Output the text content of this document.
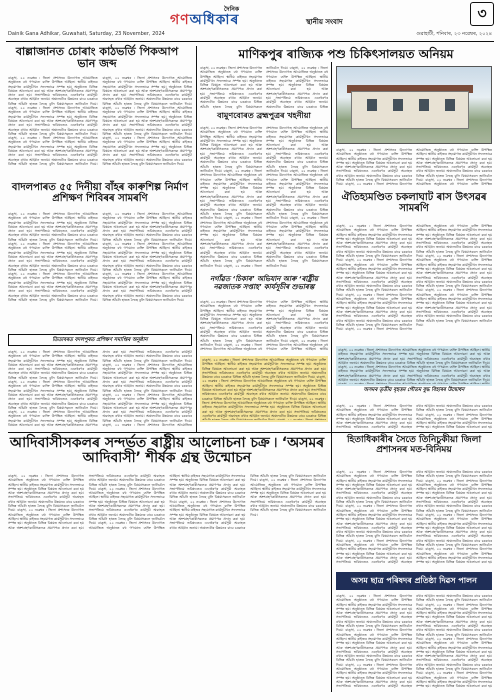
দৈনিক
গণঅধিকাৰ	স্থানীয় সংবাদ	৩
Dainik Gana Adhikar, Guwahati, Saturday, 23 November, 2024	গুৱাহাটী, শনিবাৰ, ২৩ নৱেম্বৰ, ২০২৪
বাল্লাজানত চোৰাং কাঠভৰ্তি পিকআপ ভান জব্দ
বাক্‌সা, ২২ নৱেম্বৰ ৷ জিলা প্ৰশাসনৰ উদ্যোগত আয়োজিত অনুষ্ঠানত বহু গণ্যমান্য ব্যক্তি উপস্থিত আছিল। স্থানীয় ৰাইজৰ সহযোগত কাৰ্যসূচীখন সফলভাৱে সম্পন্ন হয়। অনুষ্ঠানত বিভিন্ন বিষয়ত আলোচনা কৰা হয় আৰু অংশগ্ৰহণকাৰীসকলক প্ৰমাণপত্ৰ প্ৰদান কৰা হয়। সভাপতিয়ে ভবিষ্যতেও এনেধৰণৰ কাৰ্যসূচী অব্যাহত ৰখাৰ আহ্বান জনায়। অঞ্চলটোৰ উন্নয়নৰ বাবে চৰকাৰে বিভিন্ন আঁচনি হাতত লৈছে বুলি বিষয়াসকলে জানিবলৈ দিয়ে। বাক্‌সা, ২২ নৱেম্বৰ ৷ জিলা প্ৰশাসনৰ উদ্যোগত আয়োজিত অনুষ্ঠানত বহু গণ্যমান্য ব্যক্তি উপস্থিত আছিল। স্থানীয় ৰাইজৰ সহযোগত কাৰ্যসূচীখন সফলভাৱে সম্পন্ন হয়। অনুষ্ঠানত বিভিন্ন বিষয়ত আলোচনা কৰা হয় আৰু অংশগ্ৰহণকাৰীসকলক প্ৰমাণপত্ৰ প্ৰদান কৰা হয়। সভাপতিয়ে ভবিষ্যতেও এনেধৰণৰ কাৰ্যসূচী অব্যাহত ৰখাৰ আহ্বান জনায়। অঞ্চলটোৰ উন্নয়নৰ বাবে চৰকাৰে বিভিন্ন আঁচনি হাতত লৈছে বুলি বিষয়াসকলে জানিবলৈ দিয়ে। বাক্‌সা, ২২ নৱেম্বৰ ৷ জিলা প্ৰশাসনৰ উদ্যোগত আয়োজিত অনুষ্ঠানত বহু গণ্যমান্য ব্যক্তি উপস্থিত আছিল। স্থানীয় ৰাইজৰ সহযোগত কাৰ্যসূচীখন সফলভাৱে সম্পন্ন হয়। অনুষ্ঠানত বিভিন্ন বিষয়ত আলোচনা কৰা হয় আৰু অংশগ্ৰহণকাৰীসকলক প্ৰমাণপত্ৰ প্ৰদান কৰা হয়। সভাপতিয়ে ভবিষ্যতেও এনেধৰণৰ কাৰ্যসূচী অব্যাহত ৰখাৰ আহ্বান জনায়। অঞ্চলটোৰ উন্নয়নৰ বাবে চৰকাৰে বিভিন্ন আঁচনি হাতত লৈছে বুলি বিষয়াসকলে জানিবলৈ দিয়ে। বাক্‌সা, ২২ নৱেম্বৰ ৷ জিলা প্ৰশাসনৰ উদ্যোগত আয়োজিত অনুষ্ঠানত বহু গণ্যমান্য ব্যক্তি উপস্থিত আছিল। স্থানীয় ৰাইজৰ সহযোগত কাৰ্যসূচীখন সফলভাৱে সম্পন্ন হয়। অনুষ্ঠানত বিভিন্ন বিষয়ত আলোচনা কৰা হয় আৰু অংশগ্ৰহণকাৰীসকলক প্ৰমাণপত্ৰ প্ৰদান কৰা হয়। সভাপতিয়ে ভবিষ্যতেও এনেধৰণৰ কাৰ্যসূচী অব্যাহত ৰখাৰ আহ্বান জনায়। অঞ্চলটোৰ উন্নয়নৰ বাবে চৰকাৰে বিভিন্ন আঁচনি হাতত লৈছে বুলি বিষয়াসকলে জানিবলৈ দিয়ে। বাক্‌সা, ২২ নৱেম্বৰ ৷ জিলা প্ৰশাসনৰ উদ্যোগত আয়োজিত অনুষ্ঠানত বহু গণ্যমান্য ব্যক্তি উপস্থিত আছিল। স্থানীয় ৰাইজৰ সহযোগত কাৰ্যসূচীখন সফলভাৱে সম্পন্ন হয়। অনুষ্ঠানত বিভিন্ন বিষয়ত আলোচনা কৰা হয় আৰু অংশগ্ৰহণকাৰীসকলক প্ৰমাণপত্ৰ প্ৰদান কৰা হয়। সভাপতিয়ে ভবিষ্যতেও এনেধৰণৰ কাৰ্যসূচী অব্যাহত ৰখাৰ আহ্বান জনায়। অঞ্চলটোৰ উন্নয়নৰ বাবে চৰকাৰে বিভিন্ন আঁচনি হাতত লৈছে বুলি বিষয়াসকলে জানিবলৈ দিয়ে। বাক্‌সা, ২২ নৱেম্বৰ ৷ জিলা প্ৰশাসনৰ উদ্যোগত আয়োজিত অনুষ্ঠানত বহু গণ্যমান্য ব্যক্তি উপস্থিত আছিল। স্থানীয় ৰাইজৰ সহযোগত কাৰ্যসূচীখন সফলভাৱে সম্পন্ন হয়। অনুষ্ঠানত বিভিন্ন বিষয়ত আলোচনা কৰা হয় আৰু অংশগ্ৰহণকাৰীসকলক প্ৰমাণপত্ৰ প্ৰদান কৰা হয়। সভাপতিয়ে ভবিষ্যতেও এনেধৰণৰ কাৰ্যসূচী অব্যাহত ৰখাৰ আহ্বান জনায়। অঞ্চলটোৰ উন্নয়নৰ বাবে চৰকাৰে বিভিন্ন আঁচনি হাতত লৈছে বুলি বিষয়াসকলে জানিবলৈ দিয়ে।
বাদলপাৰত ৫৫ দিনীয়া বাঁহৰ কাৰুশিল্প নিৰ্মাণ প্ৰশিক্ষণ শিবিৰৰ সামৰণি
বাক্‌সা, ২২ নৱেম্বৰ ৷ জিলা প্ৰশাসনৰ উদ্যোগত আয়োজিত অনুষ্ঠানত বহু গণ্যমান্য ব্যক্তি উপস্থিত আছিল। স্থানীয় ৰাইজৰ সহযোগত কাৰ্যসূচীখন সফলভাৱে সম্পন্ন হয়। অনুষ্ঠানত বিভিন্ন বিষয়ত আলোচনা কৰা হয় আৰু অংশগ্ৰহণকাৰীসকলক প্ৰমাণপত্ৰ প্ৰদান কৰা হয়। সভাপতিয়ে ভবিষ্যতেও এনেধৰণৰ কাৰ্যসূচী অব্যাহত ৰখাৰ আহ্বান জনায়। অঞ্চলটোৰ উন্নয়নৰ বাবে চৰকাৰে বিভিন্ন আঁচনি হাতত লৈছে বুলি বিষয়াসকলে জানিবলৈ দিয়ে। বাক্‌সা, ২২ নৱেম্বৰ ৷ জিলা প্ৰশাসনৰ উদ্যোগত আয়োজিত অনুষ্ঠানত বহু গণ্যমান্য ব্যক্তি উপস্থিত আছিল। স্থানীয় ৰাইজৰ সহযোগত কাৰ্যসূচীখন সফলভাৱে সম্পন্ন হয়। অনুষ্ঠানত বিভিন্ন বিষয়ত আলোচনা কৰা হয় আৰু অংশগ্ৰহণকাৰীসকলক প্ৰমাণপত্ৰ প্ৰদান কৰা হয়। সভাপতিয়ে ভবিষ্যতেও এনেধৰণৰ কাৰ্যসূচী অব্যাহত ৰখাৰ আহ্বান জনায়। অঞ্চলটোৰ উন্নয়নৰ বাবে চৰকাৰে বিভিন্ন আঁচনি হাতত লৈছে বুলি বিষয়াসকলে জানিবলৈ দিয়ে। বাক্‌সা, ২২ নৱেম্বৰ ৷ জিলা প্ৰশাসনৰ উদ্যোগত আয়োজিত অনুষ্ঠানত বহু গণ্যমান্য ব্যক্তি উপস্থিত আছিল। স্থানীয় ৰাইজৰ সহযোগত কাৰ্যসূচীখন সফলভাৱে সম্পন্ন হয়। অনুষ্ঠানত বিভিন্ন বিষয়ত আলোচনা কৰা হয় আৰু অংশগ্ৰহণকাৰীসকলক প্ৰমাণপত্ৰ প্ৰদান কৰা হয়। সভাপতিয়ে ভবিষ্যতেও এনেধৰণৰ কাৰ্যসূচী অব্যাহত ৰখাৰ আহ্বান জনায়। অঞ্চলটোৰ উন্নয়নৰ বাবে চৰকাৰে বিভিন্ন আঁচনি হাতত লৈছে বুলি বিষয়াসকলে জানিবলৈ দিয়ে। বাক্‌সা, ২২ নৱেম্বৰ ৷ জিলা প্ৰশাসনৰ উদ্যোগত আয়োজিত অনুষ্ঠানত বহু গণ্যমান্য ব্যক্তি উপস্থিত আছিল। স্থানীয় ৰাইজৰ সহযোগত কাৰ্যসূচীখন সফলভাৱে সম্পন্ন হয়। অনুষ্ঠানত বিভিন্ন বিষয়ত আলোচনা কৰা হয় আৰু অংশগ্ৰহণকাৰীসকলক প্ৰমাণপত্ৰ প্ৰদান কৰা হয়। সভাপতিয়ে ভবিষ্যতেও এনেধৰণৰ কাৰ্যসূচী অব্যাহত ৰখাৰ আহ্বান জনায়। অঞ্চলটোৰ উন্নয়নৰ বাবে চৰকাৰে বিভিন্ন আঁচনি হাতত লৈছে বুলি বিষয়াসকলে জানিবলৈ দিয়ে। বাক্‌সা, ২২ নৱেম্বৰ ৷ জিলা প্ৰশাসনৰ উদ্যোগত আয়োজিত অনুষ্ঠানত বহু গণ্যমান্য ব্যক্তি উপস্থিত আছিল। স্থানীয় ৰাইজৰ সহযোগত কাৰ্যসূচীখন সফলভাৱে সম্পন্ন হয়। অনুষ্ঠানত বিভিন্ন বিষয়ত আলোচনা কৰা হয় আৰু অংশগ্ৰহণকাৰীসকলক প্ৰমাণপত্ৰ প্ৰদান কৰা হয়। সভাপতিয়ে ভবিষ্যতেও এনেধৰণৰ কাৰ্যসূচী অব্যাহত ৰখাৰ আহ্বান জনায়। অঞ্চলটোৰ উন্নয়নৰ বাবে চৰকাৰে বিভিন্ন আঁচনি হাতত লৈছে বুলি বিষয়াসকলে জানিবলৈ দিয়ে। বাক্‌সা, ২২ নৱেম্বৰ ৷ জিলা প্ৰশাসনৰ উদ্যোগত আয়োজিত অনুষ্ঠানত বহু গণ্যমান্য ব্যক্তি উপস্থিত আছিল। স্থানীয় ৰাইজৰ সহযোগত কাৰ্যসূচীখন সফলভাৱে সম্পন্ন হয়। অনুষ্ঠানত বিভিন্ন বিষয়ত আলোচনা কৰা হয় আৰু অংশগ্ৰহণকাৰীসকলক প্ৰমাণপত্ৰ প্ৰদান কৰা হয়। সভাপতিয়ে ভবিষ্যতেও এনেধৰণৰ কাৰ্যসূচী অব্যাহত ৰখাৰ আহ্বান জনায়। অঞ্চলটোৰ উন্নয়নৰ বাবে চৰকাৰে বিভিন্ন আঁচনি হাতত লৈছে বুলি বিষয়াসকলে জানিবলৈ দিয়ে।
তিতাবৰত বদলপুৰত প্ৰশিক্ষণ সমাপ্তিৰ অনুষ্ঠান
বাক্‌সা, ২২ নৱেম্বৰ ৷ জিলা প্ৰশাসনৰ উদ্যোগত আয়োজিত অনুষ্ঠানত বহু গণ্যমান্য ব্যক্তি উপস্থিত আছিল। স্থানীয় ৰাইজৰ সহযোগত কাৰ্যসূচীখন সফলভাৱে সম্পন্ন হয়। অনুষ্ঠানত বিভিন্ন বিষয়ত আলোচনা কৰা হয় আৰু অংশগ্ৰহণকাৰীসকলক প্ৰমাণপত্ৰ প্ৰদান কৰা হয়। সভাপতিয়ে ভবিষ্যতেও এনেধৰণৰ কাৰ্যসূচী অব্যাহত ৰখাৰ আহ্বান জনায়। অঞ্চলটোৰ উন্নয়নৰ বাবে চৰকাৰে বিভিন্ন আঁচনি হাতত লৈছে বুলি বিষয়াসকলে জানিবলৈ দিয়ে। বাক্‌সা, ২২ নৱেম্বৰ ৷ জিলা প্ৰশাসনৰ উদ্যোগত আয়োজিত অনুষ্ঠানত বহু গণ্যমান্য ব্যক্তি উপস্থিত আছিল। স্থানীয় ৰাইজৰ সহযোগত কাৰ্যসূচীখন সফলভাৱে সম্পন্ন হয়। অনুষ্ঠানত বিভিন্ন বিষয়ত আলোচনা কৰা হয় আৰু অংশগ্ৰহণকাৰীসকলক প্ৰমাণপত্ৰ প্ৰদান কৰা হয়। সভাপতিয়ে ভবিষ্যতেও এনেধৰণৰ কাৰ্যসূচী অব্যাহত ৰখাৰ আহ্বান জনায়। অঞ্চলটোৰ উন্নয়নৰ বাবে চৰকাৰে বিভিন্ন আঁচনি হাতত লৈছে বুলি বিষয়াসকলে জানিবলৈ দিয়ে। বাক্‌সা, ২২ নৱেম্বৰ ৷ জিলা প্ৰশাসনৰ উদ্যোগত আয়োজিত অনুষ্ঠানত বহু গণ্যমান্য ব্যক্তি উপস্থিত আছিল। স্থানীয় ৰাইজৰ সহযোগত কাৰ্যসূচীখন সফলভাৱে সম্পন্ন হয়। অনুষ্ঠানত বিভিন্ন বিষয়ত আলোচনা কৰা হয় আৰু অংশগ্ৰহণকাৰীসকলক প্ৰমাণপত্ৰ প্ৰদান কৰা হয়। সভাপতিয়ে ভবিষ্যতেও এনেধৰণৰ কাৰ্যসূচী অব্যাহত ৰখাৰ আহ্বান জনায়। অঞ্চলটোৰ উন্নয়নৰ বাবে চৰকাৰে বিভিন্ন আঁচনি হাতত লৈছে বুলি বিষয়াসকলে জানিবলৈ দিয়ে। বাক্‌সা, ২২ নৱেম্বৰ ৷ জিলা প্ৰশাসনৰ উদ্যোগত আয়োজিত অনুষ্ঠানত বহু গণ্যমান্য ব্যক্তি উপস্থিত আছিল। স্থানীয় ৰাইজৰ সহযোগত কাৰ্যসূচীখন সফলভাৱে সম্পন্ন হয়। অনুষ্ঠানত বিভিন্ন বিষয়ত আলোচনা কৰা হয় আৰু অংশগ্ৰহণকাৰীসকলক প্ৰমাণপত্ৰ প্ৰদান কৰা হয়। সভাপতিয়ে ভবিষ্যতেও এনেধৰণৰ কাৰ্যসূচী অব্যাহত ৰখাৰ আহ্বান জনায়। অঞ্চলটোৰ উন্নয়নৰ বাবে চৰকাৰে বিভিন্ন আঁচনি হাতত লৈছে বুলি বিষয়াসকলে জানিবলৈ দিয়ে। বাক্‌সা, ২২ নৱেম্বৰ ৷ জিলা প্ৰশাসনৰ উদ্যোগত আয়োজিত অনুষ্ঠানত বহু গণ্যমান্য ব্যক্তি উপস্থিত আছিল। স্থানীয় ৰাইজৰ সহযোগত কাৰ্যসূচীখন সফলভাৱে সম্পন্ন হয়। অনুষ্ঠানত বিভিন্ন বিষয়ত আলোচনা কৰা হয় আৰু অংশগ্ৰহণকাৰীসকলক প্ৰমাণপত্ৰ প্ৰদান কৰা হয়। সভাপতিয়ে ভবিষ্যতেও এনেধৰণৰ কাৰ্যসূচী অব্যাহত ৰখাৰ আহ্বান জনায়। অঞ্চলটোৰ উন্নয়নৰ বাবে চৰকাৰে বিভিন্ন আঁচনি হাতত লৈছে বুলি বিষয়াসকলে জানিবলৈ দিয়ে। বাক্‌সা, ২২ নৱেম্বৰ ৷ জিলা প্ৰশাসনৰ উদ্যোগত আয়োজিত
মাণিকপুৰ ৰাজ্যিক পশু চিকিৎসালয়ত অনিয়ম
বাক্‌সা, ২২ নৱেম্বৰ ৷ জিলা প্ৰশাসনৰ উদ্যোগত আয়োজিত অনুষ্ঠানত বহু গণ্যমান্য ব্যক্তি উপস্থিত আছিল। স্থানীয় ৰাইজৰ সহযোগত কাৰ্যসূচীখন সফলভাৱে সম্পন্ন হয়। অনুষ্ঠানত বিভিন্ন বিষয়ত আলোচনা কৰা হয় আৰু অংশগ্ৰহণকাৰীসকলক প্ৰমাণপত্ৰ প্ৰদান কৰা হয়। সভাপতিয়ে ভবিষ্যতেও এনেধৰণৰ কাৰ্যসূচী অব্যাহত ৰখাৰ আহ্বান জনায়। অঞ্চলটোৰ উন্নয়নৰ বাবে চৰকাৰে বিভিন্ন আঁচনি হাতত লৈছে বুলি বিষয়াসকলে জানিবলৈ দিয়ে। বাক্‌সা, ২২ নৱেম্বৰ ৷ জিলা প্ৰশাসনৰ উদ্যোগত আয়োজিত অনুষ্ঠানত বহু গণ্যমান্য ব্যক্তি উপস্থিত আছিল। স্থানীয় ৰাইজৰ সহযোগত কাৰ্যসূচীখন সফলভাৱে সম্পন্ন হয়। অনুষ্ঠানত বিভিন্ন বিষয়ত আলোচনা কৰা হয় আৰু অংশগ্ৰহণকাৰীসকলক প্ৰমাণপত্ৰ প্ৰদান কৰা হয়। সভাপতিয়ে ভবিষ্যতেও এনেধৰণৰ কাৰ্যসূচী অব্যাহত ৰখাৰ আহ্বান জনায়। অঞ্চলটোৰ উন্নয়নৰ বাবে চৰকাৰে বিভিন্ন
বামুণবোৰত ব্ৰহ্মপুত্ৰৰ খহনীয়া
বাক্‌সা, ২২ নৱেম্বৰ ৷ জিলা প্ৰশাসনৰ উদ্যোগত আয়োজিত অনুষ্ঠানত বহু গণ্যমান্য ব্যক্তি উপস্থিত আছিল। স্থানীয় ৰাইজৰ সহযোগত কাৰ্যসূচীখন সফলভাৱে সম্পন্ন হয়। অনুষ্ঠানত বিভিন্ন বিষয়ত আলোচনা কৰা হয় আৰু অংশগ্ৰহণকাৰীসকলক প্ৰমাণপত্ৰ প্ৰদান কৰা হয়। সভাপতিয়ে ভবিষ্যতেও এনেধৰণৰ কাৰ্যসূচী অব্যাহত ৰখাৰ আহ্বান জনায়। অঞ্চলটোৰ উন্নয়নৰ বাবে চৰকাৰে বিভিন্ন আঁচনি হাতত লৈছে বুলি বিষয়াসকলে জানিবলৈ দিয়ে। বাক্‌সা, ২২ নৱেম্বৰ ৷ জিলা প্ৰশাসনৰ উদ্যোগত আয়োজিত অনুষ্ঠানত বহু গণ্যমান্য ব্যক্তি উপস্থিত আছিল। স্থানীয় ৰাইজৰ সহযোগত কাৰ্যসূচীখন সফলভাৱে সম্পন্ন হয়। অনুষ্ঠানত বিভিন্ন বিষয়ত আলোচনা কৰা হয় আৰু অংশগ্ৰহণকাৰীসকলক প্ৰমাণপত্ৰ প্ৰদান কৰা হয়। সভাপতিয়ে ভবিষ্যতেও এনেধৰণৰ কাৰ্যসূচী অব্যাহত ৰখাৰ আহ্বান জনায়। অঞ্চলটোৰ উন্নয়নৰ বাবে চৰকাৰে বিভিন্ন আঁচনি হাতত লৈছে বুলি বিষয়াসকলে জানিবলৈ দিয়ে। বাক্‌সা, ২২ নৱেম্বৰ ৷ জিলা প্ৰশাসনৰ উদ্যোগত আয়োজিত অনুষ্ঠানত বহু গণ্যমান্য ব্যক্তি উপস্থিত আছিল। স্থানীয় ৰাইজৰ সহযোগত কাৰ্যসূচীখন সফলভাৱে সম্পন্ন হয়। অনুষ্ঠানত বিভিন্ন বিষয়ত আলোচনা কৰা হয় আৰু অংশগ্ৰহণকাৰীসকলক প্ৰমাণপত্ৰ প্ৰদান কৰা হয়। সভাপতিয়ে ভবিষ্যতেও এনেধৰণৰ কাৰ্যসূচী অব্যাহত ৰখাৰ আহ্বান জনায়। অঞ্চলটোৰ উন্নয়নৰ বাবে চৰকাৰে বিভিন্ন আঁচনি হাতত লৈছে বুলি বিষয়াসকলে জানিবলৈ দিয়ে। বাক্‌সা, ২২ নৱেম্বৰ ৷ জিলা প্ৰশাসনৰ উদ্যোগত আয়োজিত অনুষ্ঠানত বহু গণ্যমান্য ব্যক্তি উপস্থিত আছিল। স্থানীয় ৰাইজৰ সহযোগত কাৰ্যসূচীখন সফলভাৱে সম্পন্ন হয়। অনুষ্ঠানত বিভিন্ন বিষয়ত আলোচনা কৰা হয় আৰু অংশগ্ৰহণকাৰীসকলক প্ৰমাণপত্ৰ প্ৰদান কৰা হয়। সভাপতিয়ে ভবিষ্যতেও এনেধৰণৰ কাৰ্যসূচী অব্যাহত ৰখাৰ আহ্বান জনায়। অঞ্চলটোৰ উন্নয়নৰ বাবে চৰকাৰে বিভিন্ন আঁচনি হাতত লৈছে বুলি বিষয়াসকলে জানিবলৈ দিয়ে। বাক্‌সা, ২২ নৱেম্বৰ ৷ জিলা প্ৰশাসনৰ উদ্যোগত আয়োজিত অনুষ্ঠানত বহু গণ্যমান্য ব্যক্তি উপস্থিত আছিল। স্থানীয় ৰাইজৰ সহযোগত কাৰ্যসূচীখন সফলভাৱে সম্পন্ন হয়। অনুষ্ঠানত বিভিন্ন বিষয়ত আলোচনা কৰা হয় আৰু অংশগ্ৰহণকাৰীসকলক প্ৰমাণপত্ৰ প্ৰদান কৰা হয়। সভাপতিয়ে ভবিষ্যতেও এনেধৰণৰ কাৰ্যসূচী অব্যাহত ৰখাৰ আহ্বান জনায়। অঞ্চলটোৰ উন্নয়নৰ বাবে চৰকাৰে বিভিন্ন আঁচনি হাতত লৈছে বুলি বিষয়াসকলে জানিবলৈ দিয়ে। বাক্‌সা, ২২ নৱেম্বৰ ৷ জিলা প্ৰশাসনৰ উদ্যোগত আয়োজিত অনুষ্ঠানত বহু গণ্যমান্য ব্যক্তি উপস্থিত আছিল। স্থানীয় ৰাইজৰ সহযোগত কাৰ্যসূচীখন সফলভাৱে সম্পন্ন হয়। অনুষ্ঠানত বিভিন্ন বিষয়ত আলোচনা কৰা হয় আৰু অংশগ্ৰহণকাৰীসকলক প্ৰমাণপত্ৰ প্ৰদান কৰা হয়। সভাপতিয়ে ভবিষ্যতেও এনেধৰণৰ কাৰ্যসূচী অব্যাহত ৰখাৰ আহ্বান জনায়। অঞ্চলটোৰ উন্নয়নৰ বাবে চৰকাৰে বিভিন্ন আঁচনি হাতত লৈছে বুলি বিষয়াসকলে জানিবলৈ দিয়ে।
বাক্‌সা, ২২ নৱেম্বৰ ৷ জিলা প্ৰশাসনৰ উদ্যোগত আয়োজিত অনুষ্ঠানত বহু গণ্যমান্য ব্যক্তি উপস্থিত আছিল। স্থানীয় ৰাইজৰ সহযোগত কাৰ্যসূচীখন সফলভাৱে সম্পন্ন হয়। অনুষ্ঠানত বিভিন্ন বিষয়ত আলোচনা কৰা হয় আৰু অংশগ্ৰহণকাৰীসকলক প্ৰমাণপত্ৰ প্ৰদান কৰা হয়। সভাপতিয়ে ভবিষ্যতেও এনেধৰণৰ কাৰ্যসূচী অব্যাহত ৰখাৰ আহ্বান জনায়। অঞ্চলটোৰ উন্নয়নৰ বাবে চৰকাৰে বিভিন্ন আঁচনি হাতত লৈছে বুলি বিষয়াসকলে জানিবলৈ দিয়ে। বাক্‌সা, ২২ নৱেম্বৰ ৷ জিলা প্ৰশাসনৰ উদ্যোগত আয়োজিত অনুষ্ঠানত বহু গণ্যমান্য ব্যক্তি উপস্থিত আছিল। স্থানীয় ৰাইজৰ সহযোগত কাৰ্যসূচীখন সফলভাৱে সম্পন্ন হয়। অনুষ্ঠানত বিভিন্ন বিষয়ত আলোচনা কৰা হয় আৰু অংশগ্ৰহণকাৰীসকলক প্ৰমাণপত্ৰ প্ৰদান কৰা হয়। সভাপতিয়ে ভবিষ্যতেও এনেধৰণৰ কাৰ্যসূচী অব্যাহত ৰখাৰ আহ্বান জনায়। অঞ্চলটোৰ উন্নয়নৰ বাবে চৰকাৰে বিভিন্ন আঁচনি হাতত লৈছে বুলি বিষয়াসকলে জানিবলৈ দিয়ে। বাক্‌সা, ২২ নৱেম্বৰ ৷ জিলা প্ৰশাসনৰ উদ্যোগত আয়োজিত অনুষ্ঠানত বহু গণ্যমান্য ব্যক্তি উপস্থিত
ঐতিহ্যমণ্ডিত চকলাঘাট ৰাস উৎসৱৰ সামৰণি
বাক্‌সা, ২২ নৱেম্বৰ ৷ জিলা প্ৰশাসনৰ উদ্যোগত আয়োজিত অনুষ্ঠানত বহু গণ্যমান্য ব্যক্তি উপস্থিত আছিল। স্থানীয় ৰাইজৰ সহযোগত কাৰ্যসূচীখন সফলভাৱে সম্পন্ন হয়। অনুষ্ঠানত বিভিন্ন বিষয়ত আলোচনা কৰা হয় আৰু অংশগ্ৰহণকাৰীসকলক প্ৰমাণপত্ৰ প্ৰদান কৰা হয়। সভাপতিয়ে ভবিষ্যতেও এনেধৰণৰ কাৰ্যসূচী অব্যাহত ৰখাৰ আহ্বান জনায়। অঞ্চলটোৰ উন্নয়নৰ বাবে চৰকাৰে বিভিন্ন আঁচনি হাতত লৈছে বুলি বিষয়াসকলে জানিবলৈ দিয়ে। বাক্‌সা, ২২ নৱেম্বৰ ৷ জিলা প্ৰশাসনৰ উদ্যোগত আয়োজিত অনুষ্ঠানত বহু গণ্যমান্য ব্যক্তি উপস্থিত আছিল। স্থানীয় ৰাইজৰ সহযোগত কাৰ্যসূচীখন সফলভাৱে সম্পন্ন হয়। অনুষ্ঠানত বিভিন্ন বিষয়ত আলোচনা কৰা হয় আৰু অংশগ্ৰহণকাৰীসকলক প্ৰমাণপত্ৰ প্ৰদান কৰা হয়। সভাপতিয়ে ভবিষ্যতেও এনেধৰণৰ কাৰ্যসূচী অব্যাহত ৰখাৰ আহ্বান জনায়। অঞ্চলটোৰ উন্নয়নৰ বাবে চৰকাৰে বিভিন্ন আঁচনি হাতত লৈছে বুলি বিষয়াসকলে জানিবলৈ দিয়ে। বাক্‌সা, ২২ নৱেম্বৰ ৷ জিলা প্ৰশাসনৰ উদ্যোগত আয়োজিত অনুষ্ঠানত বহু গণ্যমান্য ব্যক্তি উপস্থিত আছিল। স্থানীয় ৰাইজৰ সহযোগত কাৰ্যসূচীখন সফলভাৱে সম্পন্ন হয়। অনুষ্ঠানত বিভিন্ন বিষয়ত আলোচনা কৰা হয় আৰু অংশগ্ৰহণকাৰীসকলক প্ৰমাণপত্ৰ প্ৰদান কৰা হয়। সভাপতিয়ে ভবিষ্যতেও এনেধৰণৰ কাৰ্যসূচী অব্যাহত ৰখাৰ আহ্বান জনায়। অঞ্চলটোৰ উন্নয়নৰ বাবে চৰকাৰে বিভিন্ন আঁচনি হাতত লৈছে বুলি বিষয়াসকলে জানিবলৈ দিয়ে। বাক্‌সা, ২২ নৱেম্বৰ ৷ জিলা প্ৰশাসনৰ উদ্যোগত আয়োজিত অনুষ্ঠানত বহু গণ্যমান্য ব্যক্তি উপস্থিত আছিল। স্থানীয় ৰাইজৰ সহযোগত কাৰ্যসূচীখন সফলভাৱে সম্পন্ন হয়। অনুষ্ঠানত বিভিন্ন বিষয়ত আলোচনা কৰা হয় আৰু অংশগ্ৰহণকাৰীসকলক প্ৰমাণপত্ৰ প্ৰদান কৰা হয়। সভাপতিয়ে ভবিষ্যতেও এনেধৰণৰ কাৰ্যসূচী অব্যাহত ৰখাৰ আহ্বান জনায়। অঞ্চলটোৰ উন্নয়নৰ বাবে চৰকাৰে বিভিন্ন আঁচনি হাতত লৈছে বুলি বিষয়াসকলে জানিবলৈ দিয়ে। বাক্‌সা, ২২ নৱেম্বৰ ৷ জিলা প্ৰশাসনৰ উদ্যোগত আয়োজিত অনুষ্ঠানত বহু গণ্যমান্য ব্যক্তি উপস্থিত আছিল। স্থানীয় ৰাইজৰ সহযোগত কাৰ্যসূচীখন সফলভাৱে সম্পন্ন হয়। অনুষ্ঠানত বিভিন্ন বিষয়ত আলোচনা কৰা হয় আৰু অংশগ্ৰহণকাৰীসকলক প্ৰমাণপত্ৰ প্ৰদান কৰা হয়। সভাপতিয়ে ভবিষ্যতেও এনেধৰণৰ কাৰ্যসূচী অব্যাহত ৰখাৰ আহ্বান জনায়। অঞ্চলটোৰ উন্নয়নৰ বাবে চৰকাৰে বিভিন্ন আঁচনি হাতত লৈছে বুলি বিষয়াসকলে জানিবলৈ দিয়ে। বাক্‌সা, ২২ নৱেম্বৰ ৷ জিলা প্ৰশাসনৰ উদ্যোগত আয়োজিত অনুষ্ঠানত বহু গণ্যমান্য ব্যক্তি উপস্থিত আছিল। স্থানীয় ৰাইজৰ সহযোগত কাৰ্যসূচীখন সফলভাৱে সম্পন্ন হয়। অনুষ্ঠানত বিভিন্ন বিষয়ত আলোচনা কৰা হয় আৰু অংশগ্ৰহণকাৰীসকলক প্ৰমাণপত্ৰ প্ৰদান কৰা হয়। সভাপতিয়ে ভবিষ্যতেও এনেধৰণৰ কাৰ্যসূচী অব্যাহত ৰখাৰ আহ্বান জনায়। অঞ্চলটোৰ উন্নয়নৰ বাবে চৰকাৰে বিভিন্ন আঁচনি হাতত লৈছে বুলি বিষয়াসকলে জানিবলৈ দিয়ে।
নগাঁৱত ‘চিকাৰ’ অভিযান আৰু ‘ৰাষ্ট্ৰীয় নৱজাতক সপ্তাহ’ কাৰ্যসূচীৰ শুভাৰম্ভ
বাক্‌সা, ২২ নৱেম্বৰ ৷ জিলা প্ৰশাসনৰ উদ্যোগত আয়োজিত অনুষ্ঠানত বহু গণ্যমান্য ব্যক্তি উপস্থিত আছিল। স্থানীয় ৰাইজৰ সহযোগত কাৰ্যসূচীখন সফলভাৱে সম্পন্ন হয়। অনুষ্ঠানত বিভিন্ন বিষয়ত আলোচনা কৰা হয় আৰু অংশগ্ৰহণকাৰীসকলক প্ৰমাণপত্ৰ প্ৰদান কৰা হয়। সভাপতিয়ে ভবিষ্যতেও এনেধৰণৰ কাৰ্যসূচী অব্যাহত ৰখাৰ আহ্বান জনায়। অঞ্চলটোৰ উন্নয়নৰ বাবে চৰকাৰে বিভিন্ন আঁচনি হাতত লৈছে বুলি বিষয়াসকলে জানিবলৈ দিয়ে। বাক্‌সা, ২২ নৱেম্বৰ ৷ জিলা প্ৰশাসনৰ উদ্যোগত আয়োজিত অনুষ্ঠানত বহু গণ্যমান্য ব্যক্তি উপস্থিত আছিল। স্থানীয় ৰাইজৰ সহযোগত কাৰ্যসূচীখন সফলভাৱে সম্পন্ন হয়। অনুষ্ঠানত বিভিন্ন বিষয়ত আলোচনা কৰা হয় আৰু অংশগ্ৰহণকাৰীসকলক প্ৰমাণপত্ৰ প্ৰদান কৰা হয়। সভাপতিয়ে ভবিষ্যতেও এনেধৰণৰ কাৰ্যসূচী অব্যাহত ৰখাৰ আহ্বান জনায়। অঞ্চলটোৰ উন্নয়নৰ বাবে চৰকাৰে বিভিন্ন আঁচনি হাতত লৈছে বুলি বিষয়াসকলে জানিবলৈ দিয়ে। বাক্‌সা, ২২ নৱেম্বৰ ৷ জিলা প্ৰশাসনৰ উদ্যোগত আয়োজিত অনুষ্ঠানত বহু গণ্যমান্য ব্যক্তি উপস্থিত আছিল। স্থানীয়
বাক্‌সা, ২২ নৱেম্বৰ ৷ জিলা প্ৰশাসনৰ উদ্যোগত আয়োজিত অনুষ্ঠানত বহু গণ্যমান্য ব্যক্তি উপস্থিত আছিল। স্থানীয় ৰাইজৰ সহযোগত কাৰ্যসূচীখন সফলভাৱে সম্পন্ন হয়। অনুষ্ঠানত বিভিন্ন বিষয়ত আলোচনা কৰা হয় আৰু অংশগ্ৰহণকাৰীসকলক প্ৰমাণপত্ৰ প্ৰদান কৰা হয়। সভাপতিয়ে ভবিষ্যতেও এনেধৰণৰ কাৰ্যসূচী অব্যাহত ৰখাৰ আহ্বান জনায়। অঞ্চলটোৰ উন্নয়নৰ বাবে চৰকাৰে বিভিন্ন আঁচনি হাতত লৈছে বুলি বিষয়াসকলে জানিবলৈ দিয়ে। বাক্‌সা, ২২ নৱেম্বৰ ৷ জিলা প্ৰশাসনৰ উদ্যোগত আয়োজিত অনুষ্ঠানত বহু গণ্যমান্য ব্যক্তি উপস্থিত আছিল। স্থানীয় ৰাইজৰ সহযোগত কাৰ্যসূচীখন সফলভাৱে সম্পন্ন হয়। অনুষ্ঠানত বিভিন্ন বিষয়ত আলোচনা কৰা হয় আৰু অংশগ্ৰহণকাৰীসকলক প্ৰমাণপত্ৰ প্ৰদান কৰা হয়। সভাপতিয়ে ভবিষ্যতেও এনেধৰণৰ কাৰ্যসূচী অব্যাহত ৰখাৰ আহ্বান জনায়। অঞ্চলটোৰ উন্নয়নৰ বাবে চৰকাৰে বিভিন্ন আঁচনি হাতত লৈছে বুলি বিষয়াসকলে জানিবলৈ দিয়ে। বাক্‌সা, ২২ নৱেম্বৰ ৷ জিলা প্ৰশাসনৰ উদ্যোগত আয়োজিত অনুষ্ঠানত বহু গণ্যমান্য ব্যক্তি উপস্থিত আছিল। স্থানীয় ৰাইজৰ সহযোগত কাৰ্যসূচীখন সফলভাৱে সম্পন্ন হয়। অনুষ্ঠানত বিভিন্ন বিষয়ত আলোচনা কৰা হয় আৰু অংশগ্ৰহণকাৰীসকলক প্ৰমাণপত্ৰ প্ৰদান কৰা হয়। সভাপতিয়ে ভবিষ্যতেও এনেধৰণৰ কাৰ্যসূচী অব্যাহত ৰখাৰ আহ্বান জনায়। অঞ্চলটোৰ উন্নয়নৰ বাবে চৰকাৰে বিভিন্ন
বাক্‌সা, ২২ নৱেম্বৰ ৷ জিলা প্ৰশাসনৰ উদ্যোগত আয়োজিত অনুষ্ঠানত বহু গণ্যমান্য ব্যক্তি উপস্থিত আছিল। স্থানীয় ৰাইজৰ সহযোগত কাৰ্যসূচীখন সফলভাৱে সম্পন্ন হয়। অনুষ্ঠানত বিভিন্ন বিষয়ত আলোচনা কৰা হয় আৰু অংশগ্ৰহণকাৰীসকলক প্ৰমাণপত্ৰ প্ৰদান কৰা হয়। সভাপতিয়ে ভবিষ্যতেও এনেধৰণৰ কাৰ্যসূচী অব্যাহত ৰখাৰ আহ্বান জনায়। অঞ্চলটোৰ উন্নয়নৰ বাবে চৰকাৰে বিভিন্ন আঁচনি হাতত লৈছে বুলি বিষয়াসকলে জানিবলৈ দিয়ে। বাক্‌সা, ২২ নৱেম্বৰ ৷ জিলা প্ৰশাসনৰ উদ্যোগত আয়োজিত অনুষ্ঠানত বহু গণ্যমান্য ব্যক্তি উপস্থিত আছিল। স্থানীয় ৰাইজৰ সহযোগত কাৰ্যসূচীখন সফলভাৱে সম্পন্ন হয়। অনুষ্ঠানত বিভিন্ন বিষয়ত আলোচনা কৰা হয় আৰু অংশগ্ৰহণকাৰীসকলক প্ৰমাণপত্ৰ প্ৰদান কৰা হয়। সভাপতিয়ে ভবিষ্যতেও এনেধৰণৰ কাৰ্যসূচী অব্যাহত ৰখাৰ আহ্বান জনায়। অঞ্চলটোৰ উন্নয়নৰ বাবে চৰকাৰে বিভিন্ন আঁচনি হাতত লৈছে বুলি বিষয়াসকলে জানিবলৈ দিয়ে।
অসমৰ তৃতীয় বৃহত্তম গৌতম বুদ্ধ বিহাৰৰ উদ্বোধন
বাক্‌সা, ২২ নৱেম্বৰ ৷ জিলা প্ৰশাসনৰ উদ্যোগত আয়োজিত অনুষ্ঠানত বহু গণ্যমান্য ব্যক্তি উপস্থিত আছিল। স্থানীয় ৰাইজৰ সহযোগত কাৰ্যসূচীখন সফলভাৱে সম্পন্ন হয়। অনুষ্ঠানত বিভিন্ন বিষয়ত আলোচনা কৰা হয় আৰু অংশগ্ৰহণকাৰীসকলক প্ৰমাণপত্ৰ প্ৰদান কৰা হয়। সভাপতিয়ে ভবিষ্যতেও এনেধৰণৰ কাৰ্যসূচী অব্যাহত ৰখাৰ আহ্বান জনায়। অঞ্চলটোৰ উন্নয়নৰ বাবে চৰকাৰে বিভিন্ন আঁচনি হাতত লৈছে বুলি বিষয়াসকলে জানিবলৈ দিয়ে। বাক্‌সা, ২২ নৱেম্বৰ ৷ জিলা প্ৰশাসনৰ উদ্যোগত আয়োজিত অনুষ্ঠানত বহু গণ্যমান্য ব্যক্তি উপস্থিত আছিল। স্থানীয় ৰাইজৰ সহযোগত কাৰ্যসূচীখন সফলভাৱে সম্পন্ন হয়। অনুষ্ঠানত বিভিন্ন বিষয়ত আলোচনা কৰা হয়
আদিবাসীসকলৰ সন্দৰ্ভত ৰাষ্ট্ৰীয় আলোচনা চক্ৰ ৷ ‘অসমৰ আদিবাসী’ শীৰ্ষক গ্ৰন্থ উন্মোচন
বাক্‌সা, ২২ নৱেম্বৰ ৷ জিলা প্ৰশাসনৰ উদ্যোগত আয়োজিত অনুষ্ঠানত বহু গণ্যমান্য ব্যক্তি উপস্থিত আছিল। স্থানীয় ৰাইজৰ সহযোগত কাৰ্যসূচীখন সফলভাৱে সম্পন্ন হয়। অনুষ্ঠানত বিভিন্ন বিষয়ত আলোচনা কৰা হয় আৰু অংশগ্ৰহণকাৰীসকলক প্ৰমাণপত্ৰ প্ৰদান কৰা হয়। সভাপতিয়ে ভবিষ্যতেও এনেধৰণৰ কাৰ্যসূচী অব্যাহত ৰখাৰ আহ্বান জনায়। অঞ্চলটোৰ উন্নয়নৰ বাবে চৰকাৰে বিভিন্ন আঁচনি হাতত লৈছে বুলি বিষয়াসকলে জানিবলৈ দিয়ে। বাক্‌সা, ২২ নৱেম্বৰ ৷ জিলা প্ৰশাসনৰ উদ্যোগত আয়োজিত অনুষ্ঠানত বহু গণ্যমান্য ব্যক্তি উপস্থিত আছিল। স্থানীয় ৰাইজৰ সহযোগত কাৰ্যসূচীখন সফলভাৱে সম্পন্ন হয়। অনুষ্ঠানত বিভিন্ন বিষয়ত আলোচনা কৰা হয় আৰু অংশগ্ৰহণকাৰীসকলক প্ৰমাণপত্ৰ প্ৰদান কৰা হয়। সভাপতিয়ে ভবিষ্যতেও এনেধৰণৰ কাৰ্যসূচী অব্যাহত ৰখাৰ আহ্বান জনায়। অঞ্চলটোৰ উন্নয়নৰ বাবে চৰকাৰে বিভিন্ন আঁচনি হাতত লৈছে বুলি বিষয়াসকলে জানিবলৈ দিয়ে। বাক্‌সা, ২২ নৱেম্বৰ ৷ জিলা প্ৰশাসনৰ উদ্যোগত আয়োজিত অনুষ্ঠানত বহু গণ্যমান্য ব্যক্তি উপস্থিত আছিল। স্থানীয় ৰাইজৰ সহযোগত কাৰ্যসূচীখন সফলভাৱে সম্পন্ন হয়। অনুষ্ঠানত বিভিন্ন বিষয়ত আলোচনা কৰা হয় আৰু অংশগ্ৰহণকাৰীসকলক প্ৰমাণপত্ৰ প্ৰদান কৰা হয়। সভাপতিয়ে ভবিষ্যতেও এনেধৰণৰ কাৰ্যসূচী অব্যাহত ৰখাৰ আহ্বান জনায়। অঞ্চলটোৰ উন্নয়নৰ বাবে চৰকাৰে বিভিন্ন আঁচনি হাতত লৈছে বুলি বিষয়াসকলে জানিবলৈ দিয়ে। বাক্‌সা, ২২ নৱেম্বৰ ৷ জিলা প্ৰশাসনৰ উদ্যোগত আয়োজিত অনুষ্ঠানত বহু গণ্যমান্য ব্যক্তি উপস্থিত আছিল। স্থানীয় ৰাইজৰ সহযোগত কাৰ্যসূচীখন সফলভাৱে সম্পন্ন হয়। অনুষ্ঠানত বিভিন্ন বিষয়ত আলোচনা কৰা হয় আৰু অংশগ্ৰহণকাৰীসকলক প্ৰমাণপত্ৰ প্ৰদান কৰা হয়। সভাপতিয়ে ভবিষ্যতেও এনেধৰণৰ কাৰ্যসূচী অব্যাহত ৰখাৰ আহ্বান জনায়। অঞ্চলটোৰ উন্নয়নৰ বাবে চৰকাৰে বিভিন্ন আঁচনি হাতত লৈছে বুলি বিষয়াসকলে জানিবলৈ দিয়ে। বাক্‌সা, ২২ নৱেম্বৰ ৷ জিলা প্ৰশাসনৰ উদ্যোগত আয়োজিত অনুষ্ঠানত বহু গণ্যমান্য ব্যক্তি উপস্থিত আছিল। স্থানীয় ৰাইজৰ সহযোগত কাৰ্যসূচীখন সফলভাৱে সম্পন্ন হয়। অনুষ্ঠানত বিভিন্ন বিষয়ত আলোচনা কৰা হয় আৰু অংশগ্ৰহণকাৰীসকলক প্ৰমাণপত্ৰ প্ৰদান কৰা হয়। সভাপতিয়ে ভবিষ্যতেও এনেধৰণৰ কাৰ্যসূচী অব্যাহত ৰখাৰ আহ্বান জনায়। অঞ্চলটোৰ উন্নয়নৰ বাবে চৰকাৰে বিভিন্ন আঁচনি হাতত লৈছে বুলি বিষয়াসকলে জানিবলৈ দিয়ে। বাক্‌সা, ২২ নৱেম্বৰ ৷ জিলা প্ৰশাসনৰ উদ্যোগত আয়োজিত অনুষ্ঠানত বহু গণ্যমান্য ব্যক্তি উপস্থিত আছিল। স্থানীয় ৰাইজৰ সহযোগত কাৰ্যসূচীখন সফলভাৱে সম্পন্ন হয়। অনুষ্ঠানত বিভিন্ন বিষয়ত আলোচনা কৰা হয় আৰু অংশগ্ৰহণকাৰীসকলক প্ৰমাণপত্ৰ প্ৰদান কৰা হয়। সভাপতিয়ে ভবিষ্যতেও এনেধৰণৰ কাৰ্যসূচী অব্যাহত ৰখাৰ আহ্বান জনায়। অঞ্চলটোৰ উন্নয়নৰ বাবে চৰকাৰে বিভিন্ন আঁচনি হাতত লৈছে বুলি বিষয়াসকলে জানিবলৈ দিয়ে।
হিতাধিকাৰীৰ সৈতে তিনিচুকীয়া জিলা প্ৰশাসনৰ মত-বিনিময়
বাক্‌সা, ২২ নৱেম্বৰ ৷ জিলা প্ৰশাসনৰ উদ্যোগত আয়োজিত অনুষ্ঠানত বহু গণ্যমান্য ব্যক্তি উপস্থিত আছিল। স্থানীয় ৰাইজৰ সহযোগত কাৰ্যসূচীখন সফলভাৱে সম্পন্ন হয়। অনুষ্ঠানত বিভিন্ন বিষয়ত আলোচনা কৰা হয় আৰু অংশগ্ৰহণকাৰীসকলক প্ৰমাণপত্ৰ প্ৰদান কৰা হয়। সভাপতিয়ে ভবিষ্যতেও এনেধৰণৰ কাৰ্যসূচী অব্যাহত ৰখাৰ আহ্বান জনায়। অঞ্চলটোৰ উন্নয়নৰ বাবে চৰকাৰে বিভিন্ন আঁচনি হাতত লৈছে বুলি বিষয়াসকলে জানিবলৈ দিয়ে। বাক্‌সা, ২২ নৱেম্বৰ ৷ জিলা প্ৰশাসনৰ উদ্যোগত আয়োজিত অনুষ্ঠানত বহু গণ্যমান্য ব্যক্তি উপস্থিত আছিল। স্থানীয় ৰাইজৰ সহযোগত কাৰ্যসূচীখন সফলভাৱে সম্পন্ন হয়। অনুষ্ঠানত বিভিন্ন বিষয়ত আলোচনা কৰা হয় আৰু অংশগ্ৰহণকাৰীসকলক প্ৰমাণপত্ৰ প্ৰদান কৰা হয়। সভাপতিয়ে ভবিষ্যতেও এনেধৰণৰ কাৰ্যসূচী অব্যাহত ৰখাৰ আহ্বান জনায়। অঞ্চলটোৰ উন্নয়নৰ বাবে চৰকাৰে বিভিন্ন আঁচনি হাতত লৈছে বুলি বিষয়াসকলে জানিবলৈ দিয়ে। বাক্‌সা, ২২ নৱেম্বৰ ৷ জিলা প্ৰশাসনৰ উদ্যোগত আয়োজিত অনুষ্ঠানত বহু গণ্যমান্য ব্যক্তি উপস্থিত আছিল। স্থানীয় ৰাইজৰ সহযোগত কাৰ্যসূচীখন সফলভাৱে সম্পন্ন হয়। অনুষ্ঠানত বিভিন্ন বিষয়ত আলোচনা কৰা হয় আৰু অংশগ্ৰহণকাৰীসকলক প্ৰমাণপত্ৰ প্ৰদান কৰা হয়। সভাপতিয়ে ভবিষ্যতেও এনেধৰণৰ কাৰ্যসূচী অব্যাহত ৰখাৰ আহ্বান জনায়। অঞ্চলটোৰ উন্নয়নৰ বাবে চৰকাৰে বিভিন্ন আঁচনি হাতত লৈছে বুলি বিষয়াসকলে জানিবলৈ দিয়ে। বাক্‌সা, ২২ নৱেম্বৰ ৷ জিলা প্ৰশাসনৰ উদ্যোগত আয়োজিত অনুষ্ঠানত বহু গণ্যমান্য ব্যক্তি উপস্থিত আছিল। স্থানীয় ৰাইজৰ সহযোগত কাৰ্যসূচীখন সফলভাৱে সম্পন্ন হয়। অনুষ্ঠানত বিভিন্ন বিষয়ত আলোচনা কৰা হয় আৰু অংশগ্ৰহণকাৰীসকলক প্ৰমাণপত্ৰ প্ৰদান কৰা হয়। সভাপতিয়ে ভবিষ্যতেও এনেধৰণৰ কাৰ্যসূচী অব্যাহত ৰখাৰ আহ্বান জনায়। অঞ্চলটোৰ উন্নয়নৰ বাবে চৰকাৰে বিভিন্ন আঁচনি হাতত লৈছে বুলি বিষয়াসকলে জানিবলৈ দিয়ে। বাক্‌সা, ২২ নৱেম্বৰ ৷ জিলা প্ৰশাসনৰ উদ্যোগত আয়োজিত অনুষ্ঠানত বহু গণ্যমান্য ব্যক্তি উপস্থিত আছিল। স্থানীয় ৰাইজৰ সহযোগত কাৰ্যসূচীখন সফলভাৱে সম্পন্ন হয়। অনুষ্ঠানত বিভিন্ন বিষয়ত আলোচনা কৰা হয় আৰু অংশগ্ৰহণকাৰীসকলক প্ৰমাণপত্ৰ প্ৰদান কৰা হয়। সভাপতিয়ে ভবিষ্যতেও এনেধৰণৰ কাৰ্যসূচী অব্যাহত ৰখাৰ আহ্বান জনায়। অঞ্চলটোৰ উন্নয়নৰ বাবে চৰকাৰে বিভিন্ন আঁচনি হাতত লৈছে বুলি বিষয়াসকলে জানিবলৈ দিয়ে। বাক্‌সা, ২২ নৱেম্বৰ ৷ জিলা প্ৰশাসনৰ উদ্যোগত আয়োজিত অনুষ্ঠানত বহু গণ্যমান্য ব্যক্তি উপস্থিত আছিল। স্থানীয় ৰাইজৰ সহযোগত কাৰ্যসূচীখন সফলভাৱে সম্পন্ন হয়। অনুষ্ঠানত বিভিন্ন বিষয়ত আলোচনা কৰা হয়
অসম ছাত্ৰ পৰিষদৰ প্ৰতিষ্ঠা দিৱস পালন
বাক্‌সা, ২২ নৱেম্বৰ ৷ জিলা প্ৰশাসনৰ উদ্যোগত আয়োজিত অনুষ্ঠানত বহু গণ্যমান্য ব্যক্তি উপস্থিত আছিল। স্থানীয় ৰাইজৰ সহযোগত কাৰ্যসূচীখন সফলভাৱে সম্পন্ন হয়। অনুষ্ঠানত বিভিন্ন বিষয়ত আলোচনা কৰা হয় আৰু অংশগ্ৰহণকাৰীসকলক প্ৰমাণপত্ৰ প্ৰদান কৰা হয়। সভাপতিয়ে ভবিষ্যতেও এনেধৰণৰ কাৰ্যসূচী অব্যাহত ৰখাৰ আহ্বান জনায়। অঞ্চলটোৰ উন্নয়নৰ বাবে চৰকাৰে বিভিন্ন আঁচনি হাতত লৈছে বুলি বিষয়াসকলে জানিবলৈ দিয়ে। বাক্‌সা, ২২ নৱেম্বৰ ৷ জিলা প্ৰশাসনৰ উদ্যোগত আয়োজিত অনুষ্ঠানত বহু গণ্যমান্য ব্যক্তি উপস্থিত আছিল। স্থানীয় ৰাইজৰ সহযোগত কাৰ্যসূচীখন সফলভাৱে সম্পন্ন হয়। অনুষ্ঠানত বিভিন্ন বিষয়ত আলোচনা কৰা হয় আৰু অংশগ্ৰহণকাৰীসকলক প্ৰমাণপত্ৰ প্ৰদান কৰা হয়। সভাপতিয়ে ভবিষ্যতেও এনেধৰণৰ কাৰ্যসূচী অব্যাহত ৰখাৰ আহ্বান জনায়। অঞ্চলটোৰ উন্নয়নৰ বাবে চৰকাৰে বিভিন্ন আঁচনি হাতত লৈছে বুলি বিষয়াসকলে জানিবলৈ দিয়ে। বাক্‌সা, ২২ নৱেম্বৰ ৷ জিলা প্ৰশাসনৰ উদ্যোগত আয়োজিত অনুষ্ঠানত বহু গণ্যমান্য ব্যক্তি উপস্থিত আছিল। স্থানীয় ৰাইজৰ সহযোগত কাৰ্যসূচীখন সফলভাৱে সম্পন্ন হয়। অনুষ্ঠানত বিভিন্ন বিষয়ত আলোচনা কৰা হয় আৰু অংশগ্ৰহণকাৰীসকলক প্ৰমাণপত্ৰ প্ৰদান কৰা হয়। সভাপতিয়ে ভবিষ্যতেও এনেধৰণৰ কাৰ্যসূচী অব্যাহত ৰখাৰ আহ্বান জনায়। অঞ্চলটোৰ উন্নয়নৰ বাবে চৰকাৰে বিভিন্ন আঁচনি হাতত লৈছে বুলি বিষয়াসকলে জানিবলৈ দিয়ে। বাক্‌সা, ২২ নৱেম্বৰ ৷ জিলা প্ৰশাসনৰ উদ্যোগত আয়োজিত অনুষ্ঠানত বহু গণ্যমান্য ব্যক্তি উপস্থিত আছিল। স্থানীয় ৰাইজৰ সহযোগত কাৰ্যসূচীখন সফলভাৱে সম্পন্ন হয়। অনুষ্ঠানত বিভিন্ন বিষয়ত আলোচনা কৰা হয় আৰু অংশগ্ৰহণকাৰীসকলক প্ৰমাণপত্ৰ প্ৰদান কৰা হয়। সভাপতিয়ে ভবিষ্যতেও এনেধৰণৰ কাৰ্যসূচী অব্যাহত ৰখাৰ আহ্বান জনায়। অঞ্চলটোৰ উন্নয়নৰ বাবে চৰকাৰে বিভিন্ন আঁচনি হাতত লৈছে বুলি বিষয়াসকলে জানিবলৈ দিয়ে। বাক্‌সা, ২২ নৱেম্বৰ ৷ জিলা প্ৰশাসনৰ উদ্যোগত আয়োজিত অনুষ্ঠানত বহু গণ্যমান্য ব্যক্তি উপস্থিত আছিল। স্থানীয় ৰাইজৰ সহযোগত কাৰ্যসূচীখন সফলভাৱে সম্পন্ন হয়। অনুষ্ঠানত বিভিন্ন বিষয়ত আলোচনা কৰা হয় আৰু অংশগ্ৰহণকাৰীসকলক প্ৰমাণপত্ৰ প্ৰদান কৰা হয়। সভাপতিয়ে ভবিষ্যতেও এনেধৰণৰ কাৰ্যসূচী অব্যাহত ৰখাৰ আহ্বান জনায়। অঞ্চলটোৰ উন্নয়নৰ বাবে চৰকাৰে বিভিন্ন আঁচনি হাতত লৈছে বুলি বিষয়াসকলে জানিবলৈ দিয়ে। বাক্‌সা, ২২ নৱেম্বৰ ৷ জিলা প্ৰশাসনৰ উদ্যোগত আয়োজিত অনুষ্ঠানত বহু গণ্যমান্য ব্যক্তি উপস্থিত আছিল। স্থানীয় ৰাইজৰ সহযোগত কাৰ্যসূচীখন সফলভাৱে সম্পন্ন হয়। অনুষ্ঠানত বিভিন্ন বিষয়ত আলোচনা কৰা হয়
